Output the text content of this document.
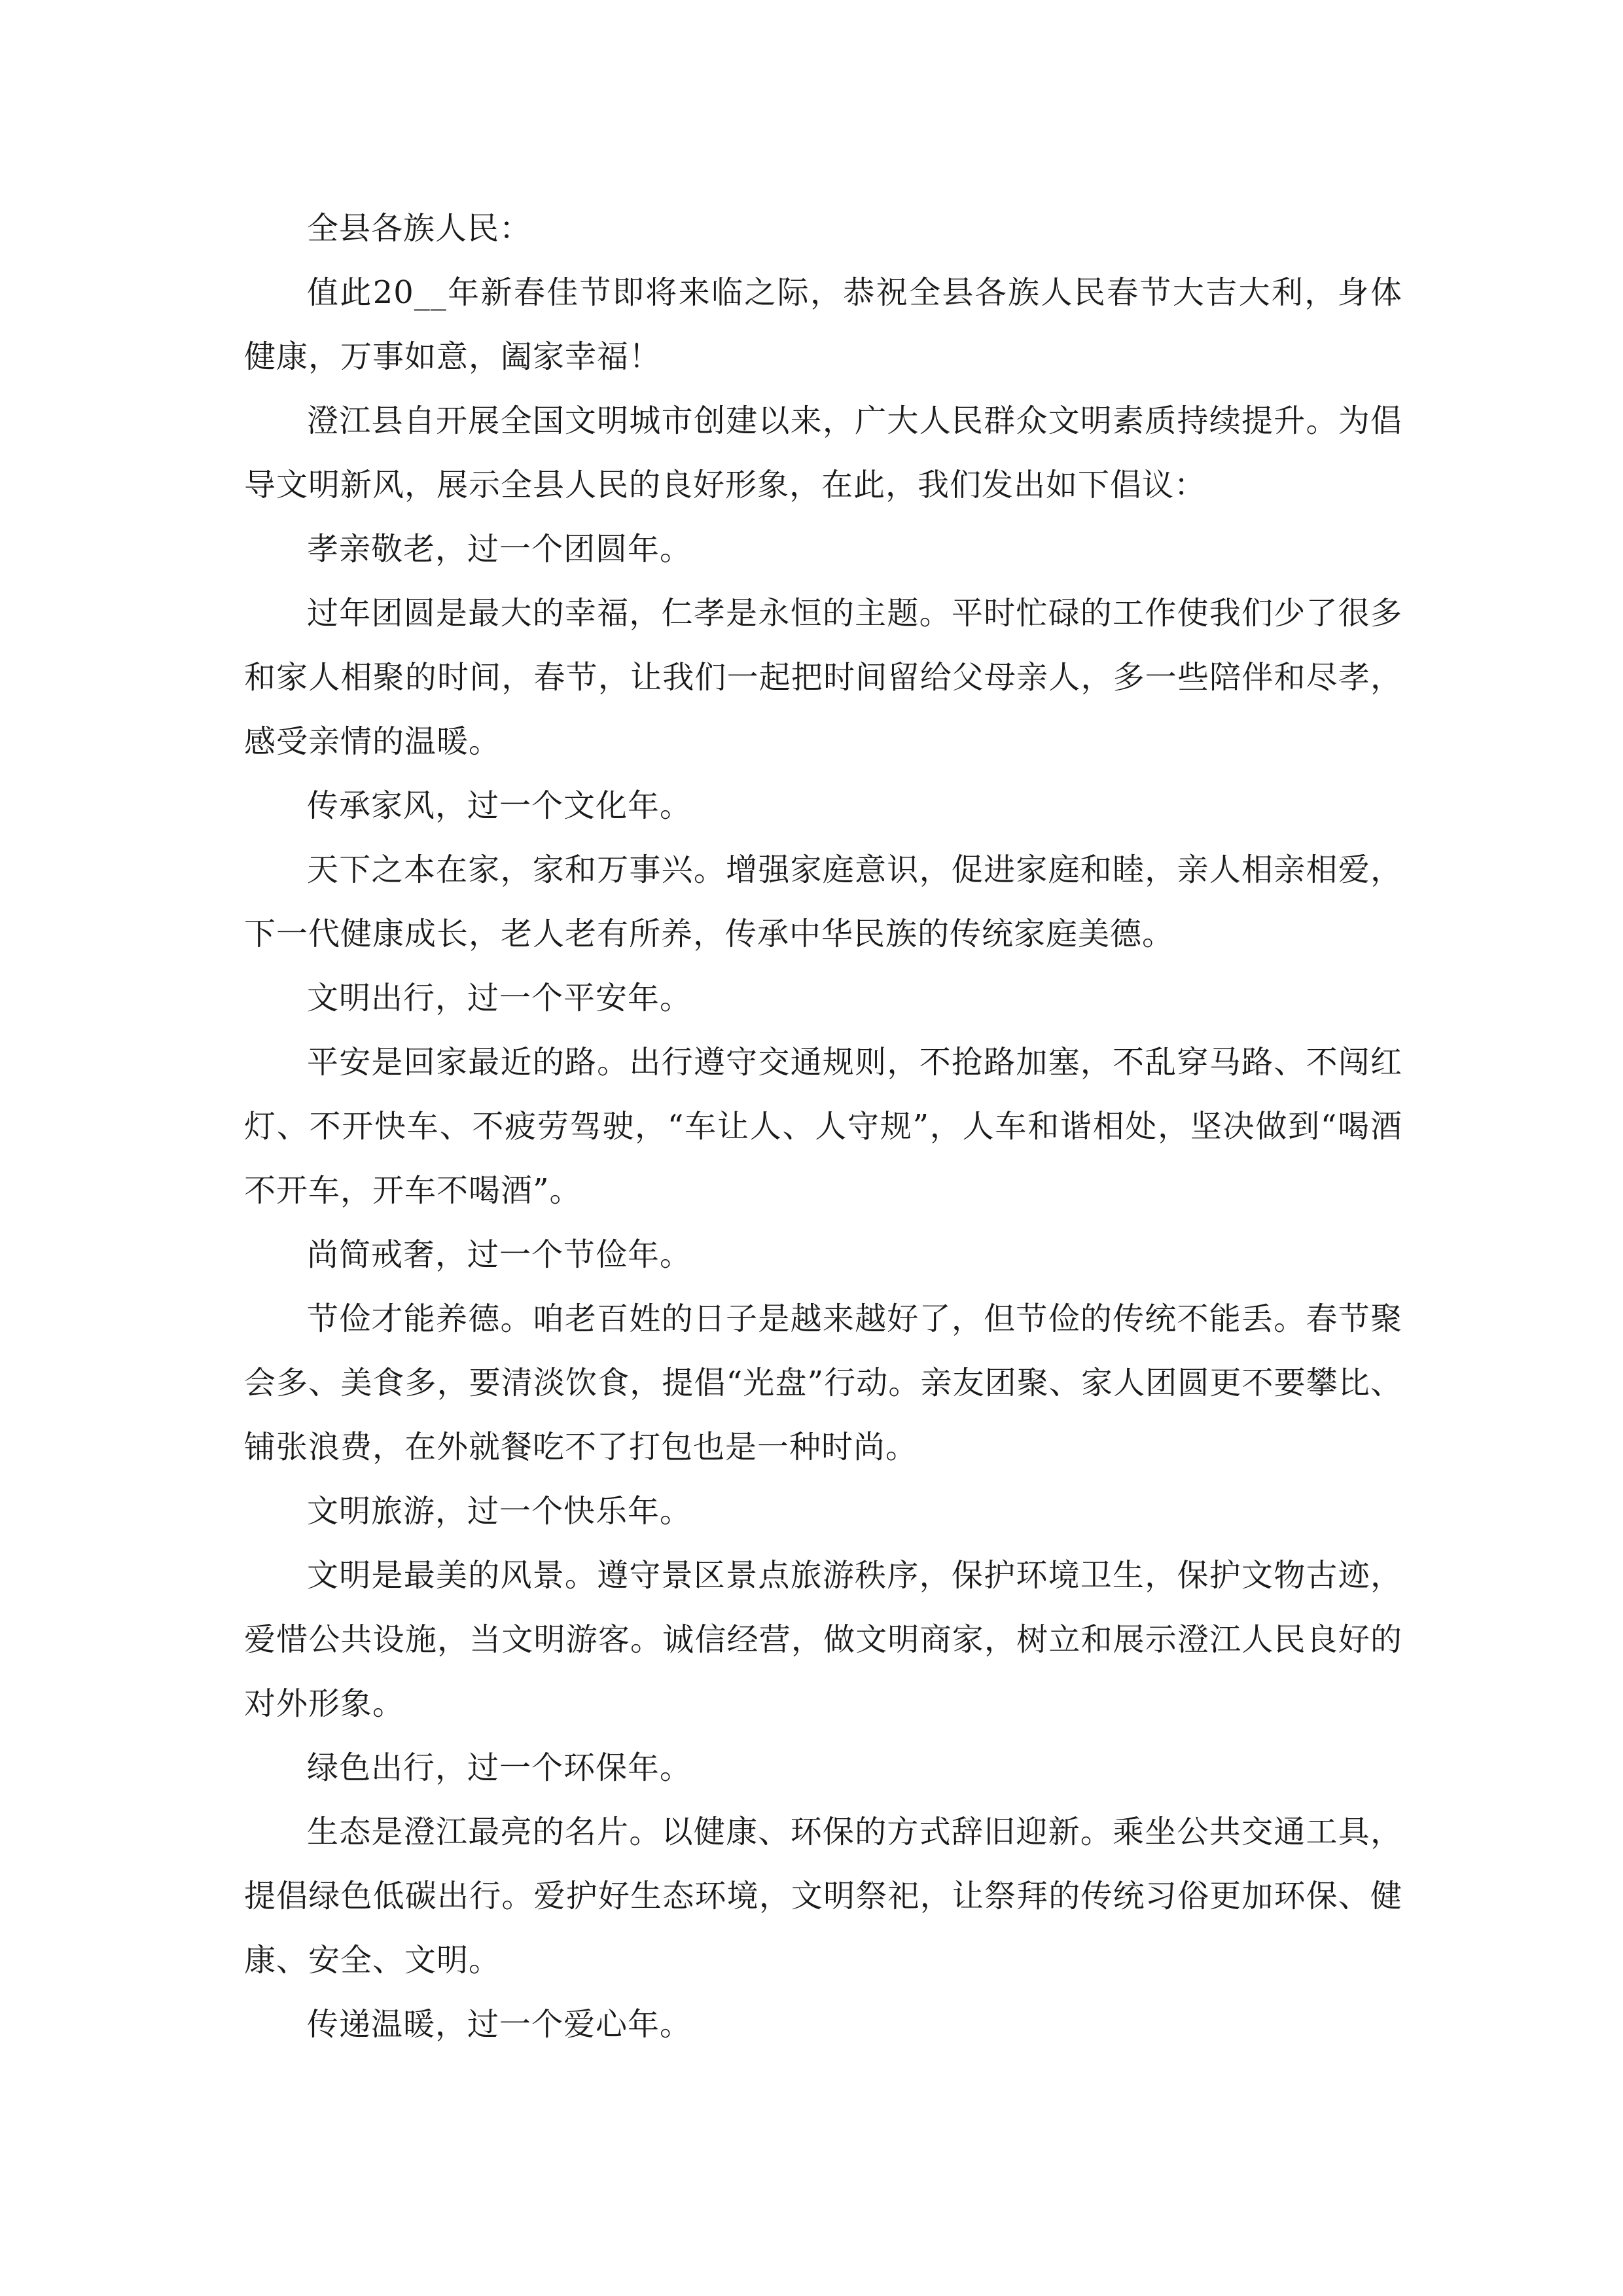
全县各族人民：

值此20__年新春佳节即将来临之际，恭祝全县各族人民春节大吉大利，身体健康，万事如意，阖家幸福！

澄江县自开展全国文明城市创建以来，广大人民群众文明素质持续提升。为倡导文明新风，展示全县人民的良好形象，在此，我们发出如下倡议：

孝亲敬老，过一个团圆年。

过年团圆是最大的幸福，仁孝是永恒的主题。平时忙碌的工作使我们少了很多和家人相聚的时间，春节，让我们一起把时间留给父母亲人，多一些陪伴和尽孝，感受亲情的温暖。

传承家风，过一个文化年。

天下之本在家，家和万事兴。增强家庭意识，促进家庭和睦，亲人相亲相爱，下一代健康成长，老人老有所养，传承中华民族的传统家庭美德。

文明出行，过一个平安年。

平安是回家最近的路。出行遵守交通规则，不抢路加塞，不乱穿马路、不闯红灯、不开快车、不疲劳驾驶，“车让人、人守规”，人车和谐相处，坚决做到“喝酒不开车，开车不喝酒”。

尚简戒奢，过一个节俭年。

节俭才能养德。咱老百姓的日子是越来越好了，但节俭的传统不能丢。春节聚会多、美食多，要清淡饮食，提倡“光盘”行动。亲友团聚、家人团圆更不要攀比、铺张浪费，在外就餐吃不了打包也是一种时尚。

文明旅游，过一个快乐年。

文明是最美的风景。遵守景区景点旅游秩序，保护环境卫生，保护文物古迹，爱惜公共设施，当文明游客。诚信经营，做文明商家，树立和展示澄江人民良好的对外形象。

绿色出行，过一个环保年。

生态是澄江最亮的名片。以健康、环保的方式辞旧迎新。乘坐公共交通工具，提倡绿色低碳出行。爱护好生态环境，文明祭祀，让祭拜的传统习俗更加环保、健康、安全、文明。

传递温暖，过一个爱心年。
